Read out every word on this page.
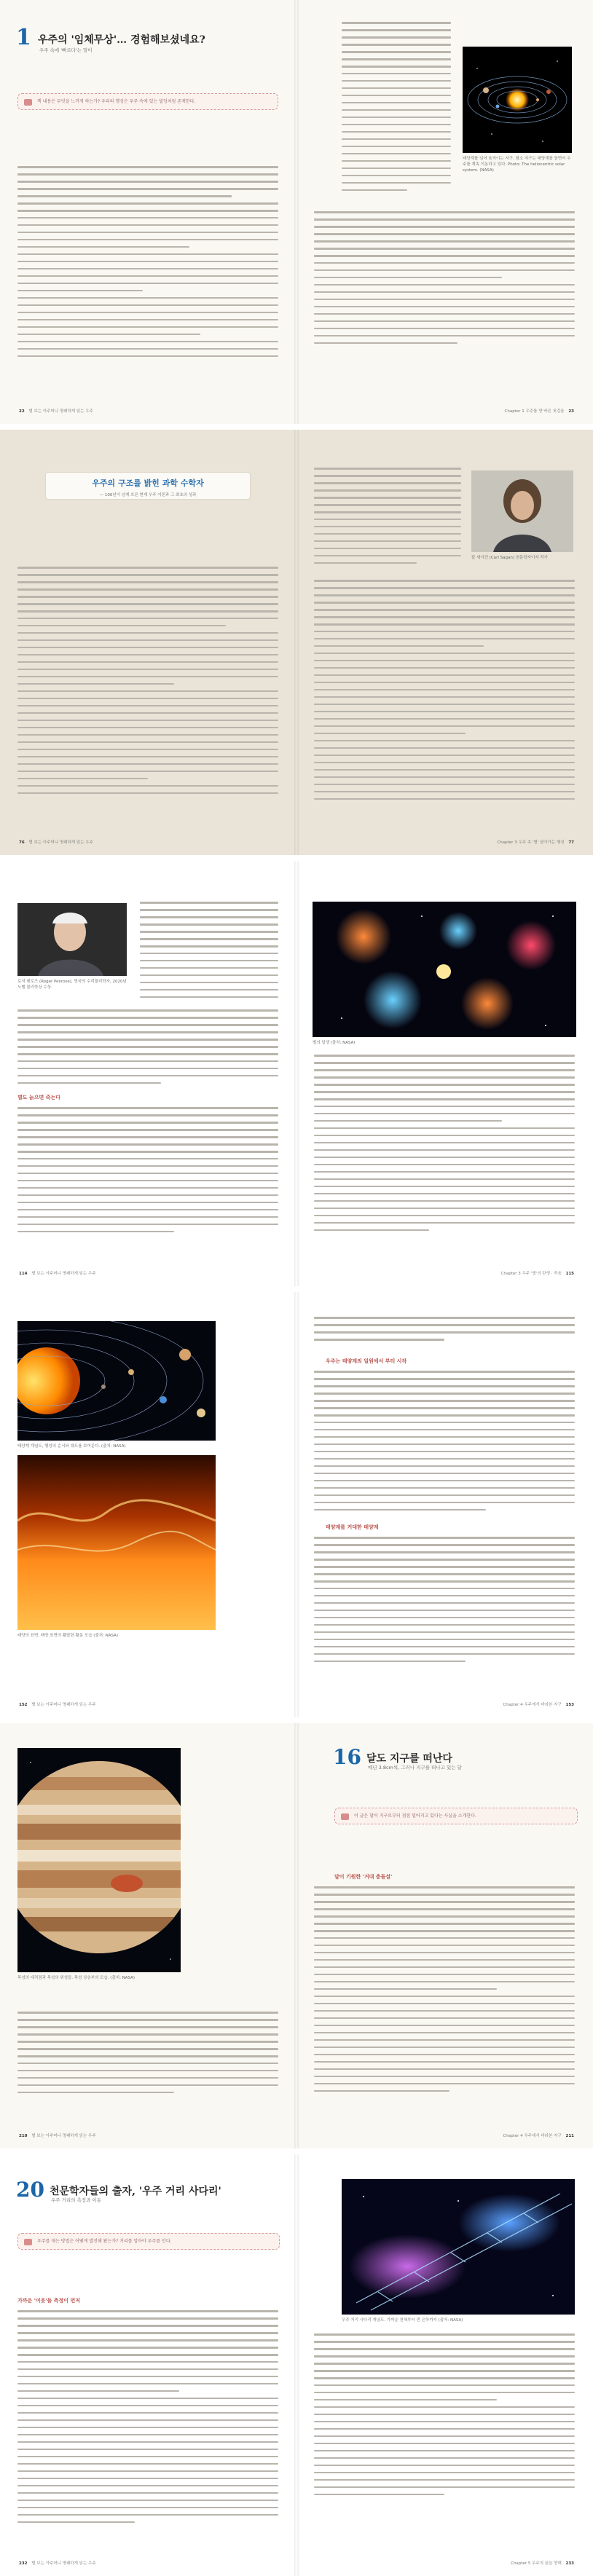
1 우주의 '임체무상'… 경험해보셨네요?
우주 속에 '빠르다'는 말이
책 내용은 무엇을 느끼게 하는가? 우리의 행성은 우주 속에 있는 빌딩처럼 존재한다.
22 별 보는 아주머니 명쾌하게 읽는 우주
태양계를 넘어 움직이는 지구. 평소 지구는 태양계를 돌면서 우주를 계속 이동하고 있다. Photo: The heliocentric solar system. (NASA)
Chapter 1 우주를 향 바른 첫걸음 23
우주의 구조를 밝힌 과학 수학자
— 100년이 넘게 흐른 현재 우주 이론과 그 최초의 성과
76 별 보는 아주머니 명쾌하게 읽는 우주
칼 세이건 (Carl Sagan) 천문학자이자 작가
Chapter 3 우주 속 '별' 살아가는 행성 77
로저 펜로즈 (Roger Penrose), 영국의 수리물리학자, 2020년 노벨 물리학상 수상.
별도 늙으면 죽는다
114 별 보는 아주머니 명쾌하게 읽는 우주
별의 일생 (출처: NASA)
Chapter 3 우주 '별'의 탄생 · 죽음 115
태양계 개념도, 행성의 순서와 궤도를 보여준다. (출처: NASA)
태양의 표면, 태양 표면의 활발한 활동 모습 (출처: NASA)
152 별 보는 아주머니 명쾌하게 읽는 우주
우주는 태양계의 일원에서 부터 시작
태양계를 거대한 태양계
Chapter 4 우주에서 바라본 지구 153
목성의 대적점과 목성의 위성들. 목성 상층부의 모습. (출처: NASA)
210 별 보는 아주머니 명쾌하게 읽는 우주
16 달도 지구를 떠난다
매년 3.8cm씩, 그러나 지구를 떠나고 있는 달
이 글은 달이 지구로부터 점점 멀어지고 있다는 사실을 소개한다.
달이 기원한 '거대 충돌설'
Chapter 4 우주에서 바라본 지구 211
20 천문학자들의 출자, '우주 거리 사다리'
우주 거리의 측정과 이동
우주를 재는 방법은 어떻게 발전해 왔는가? 거리를 알아야 우주를 안다.
가까운 '이웃'들 측정이 먼저
232 별 보는 아주머니 명쾌하게 읽는 우주
우주 거리 사다리 개념도. 가까운 천체부터 먼 은하까지 (출처: NASA)
Chapter 5 우주의 끝을 향해 233
